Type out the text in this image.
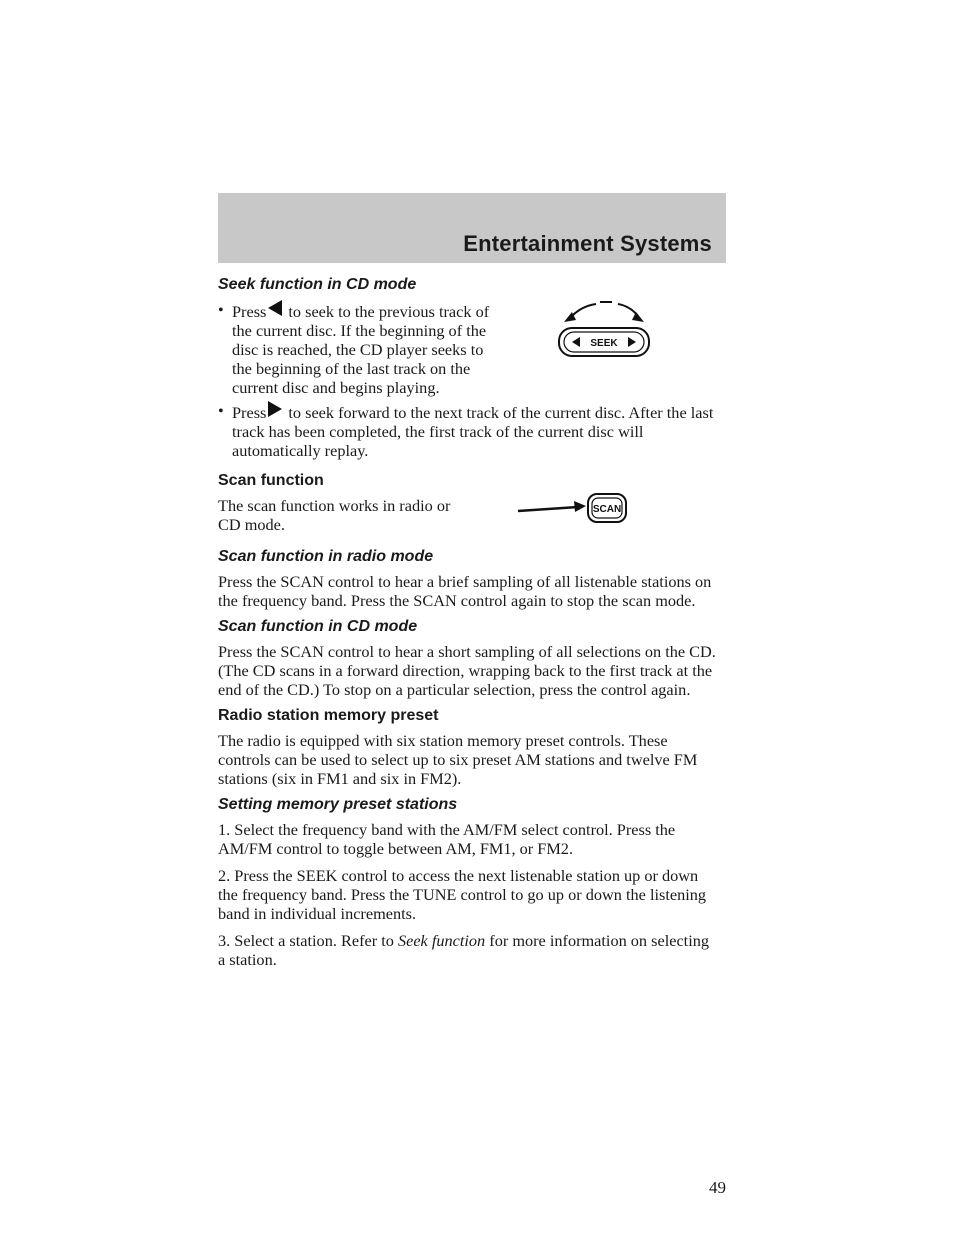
Entertainment Systems
SEEK
SCAN
Seek function in CD mode
• Press to seek to the previous track of the current disc. If the beginning of the disc is reached, the CD player seeks to the beginning of the last track on the current disc and begins playing.
• Press to seek forward to the next track of the current disc. After the last track has been completed, the first track of the current disc will automatically replay.
Scan function
The scan function works in radio or CD mode.
Scan function in radio mode
Press the SCAN control to hear a brief sampling of all listenable stations on the frequency band. Press the SCAN control again to stop the scan mode.
Scan function in CD mode
Press the SCAN control to hear a short sampling of all selections on the CD. (The CD scans in a forward direction, wrapping back to the first track at the end of the CD.) To stop on a particular selection, press the control again.
Radio station memory preset
The radio is equipped with six station memory preset controls. These controls can be used to select up to six preset AM stations and twelve FM stations (six in FM1 and six in FM2).
Setting memory preset stations
1. Select the frequency band with the AM/FM select control. Press the AM/FM control to toggle between AM, FM1, or FM2.
2. Press the SEEK control to access the next listenable station up or down the frequency band. Press the TUNE control to go up or down the listening band in individual increments.
3. Select a station. Refer to Seek function for more information on selecting a station.
49
